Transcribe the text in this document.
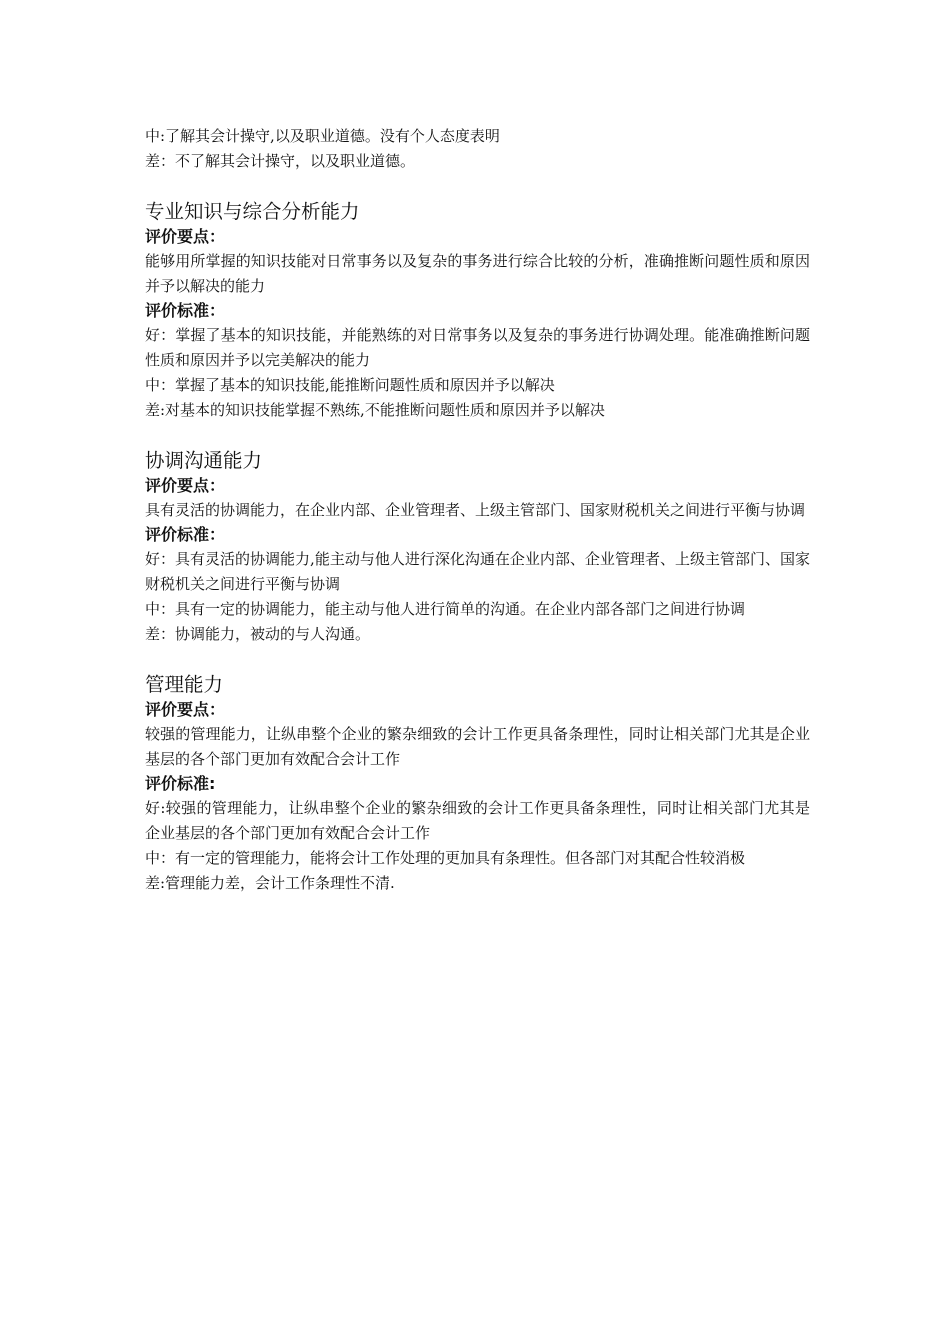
中:了解其会计操守,以及职业道德。没有个人态度表明

差：不了解其会计操守，以及职业道德。

专业知识与综合分析能力

评价要点：

能够用所掌握的知识技能对日常事务以及复杂的事务进行综合比较的分析，准确推断问题性质和原因并予以解决的能力

评价标准：

好：掌握了基本的知识技能，并能熟练的对日常事务以及复杂的事务进行协调处理。能准确推断问题性质和原因并予以完美解决的能力

中：掌握了基本的知识技能,能推断问题性质和原因并予以解决

差:对基本的知识技能掌握不熟练,不能推断问题性质和原因并予以解决

协调沟通能力

评价要点：

具有灵活的协调能力，在企业内部、企业管理者、上级主管部门、国家财税机关之间进行平衡与协调

评价标准：

好：具有灵活的协调能力,能主动与他人进行深化沟通在企业内部、企业管理者、上级主管部门、国家财税机关之间进行平衡与协调

中：具有一定的协调能力，能主动与他人进行简单的沟通。在企业内部各部门之间进行协调

差：协调能力，被动的与人沟通。

管理能力

评价要点：

较强的管理能力，让纵串整个企业的繁杂细致的会计工作更具备条理性，同时让相关部门尤其是企业基层的各个部门更加有效配合会计工作

评价标准:

好:较强的管理能力，让纵串整个企业的繁杂细致的会计工作更具备条理性，同时让相关部门尤其是企业基层的各个部门更加有效配合会计工作

中：有一定的管理能力，能将会计工作处理的更加具有条理性。但各部门对其配合性较消极

差:管理能力差，会计工作条理性不清.
